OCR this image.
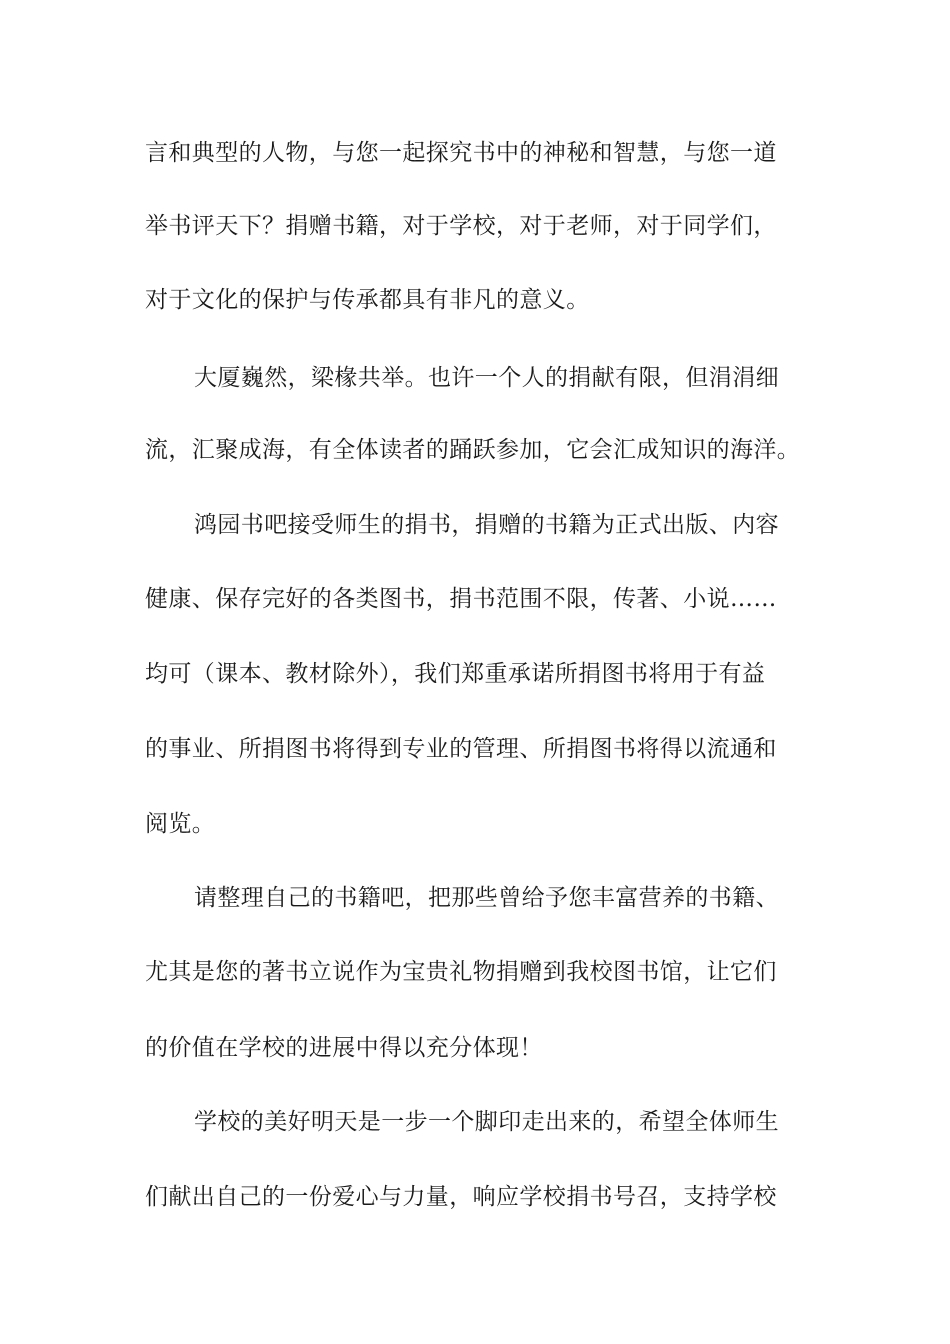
言和典型的人物，与您一起探究书中的神秘和智慧，与您一道
举书评天下？捐赠书籍，对于学校，对于老师，对于同学们，
对于文化的保护与传承都具有非凡的意义。
大厦巍然，梁椽共举。也许一个人的捐献有限，但涓涓细
流，汇聚成海，有全体读者的踊跃参加，它会汇成知识的海洋。
鸿园书吧接受师生的捐书，捐赠的书籍为正式出版、内容
健康、保存完好的各类图书，捐书范围不限，传著、小说……
均可（课本、教材除外），我们郑重承诺所捐图书将用于有益
的事业、所捐图书将得到专业的管理、所捐图书将得以流通和
阅览。
请整理自己的书籍吧，把那些曾给予您丰富营养的书籍、
尤其是您的著书立说作为宝贵礼物捐赠到我校图书馆，让它们
的价值在学校的进展中得以充分体现！
学校的美好明天是一步一个脚印走出来的，希望全体师生
们献出自己的一份爱心与力量，响应学校捐书号召，支持学校
